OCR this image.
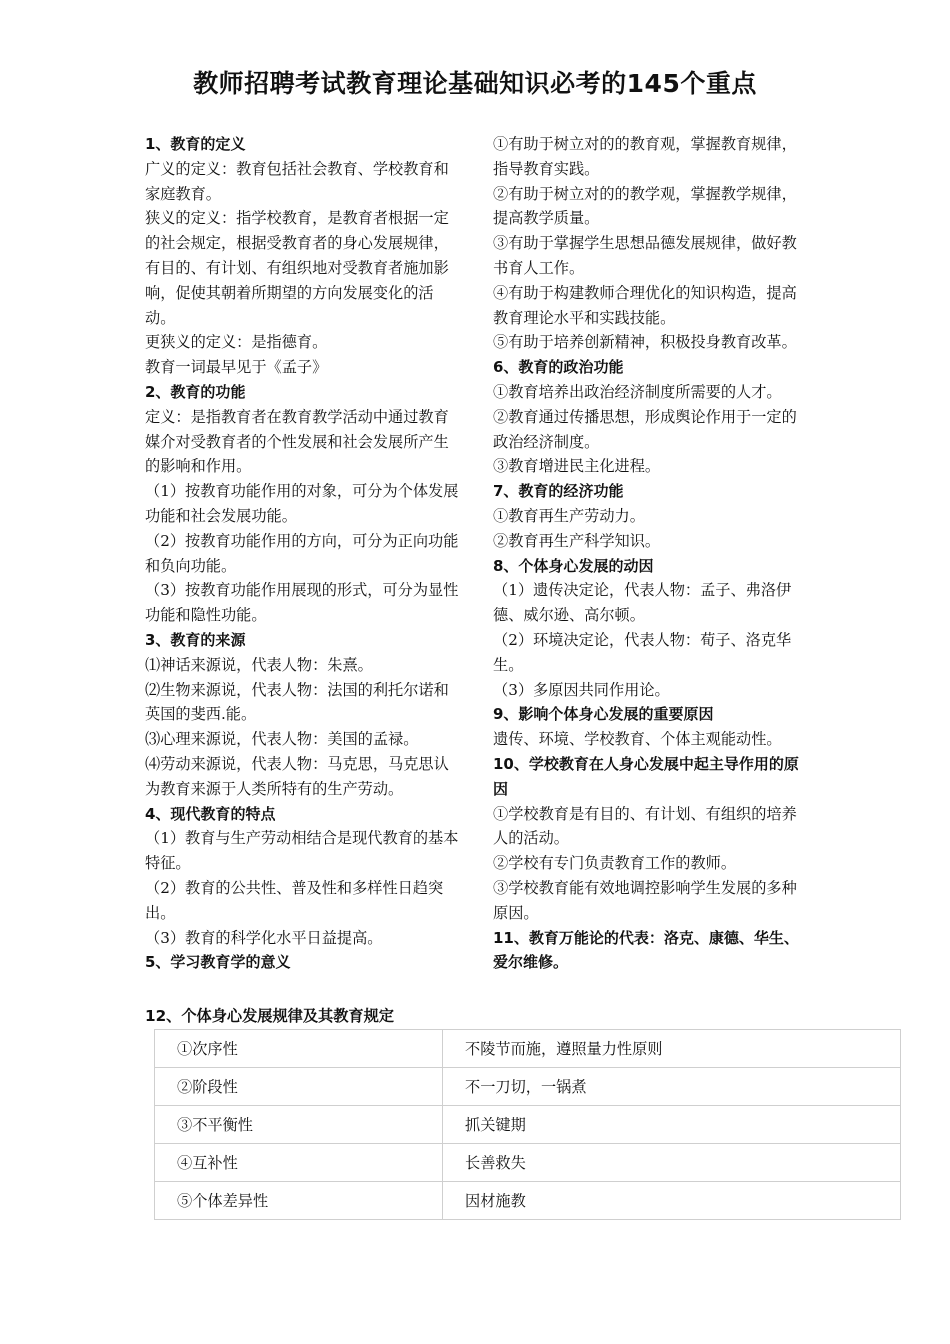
教师招聘考试教育理论基础知识必考的145个重点

1、教育的定义

广义的定义：教育包括社会教育、学校教育和家庭教育。

狭义的定义：指学校教育，是教育者根据一定的社会规定，根据受教育者的身心发展规律，有目的、有计划、有组织地对受教育者施加影响，促使其朝着所期望的方向发展变化的活动。

更狭义的定义：是指德育。

教育一词最早见于《孟子》

2、教育的功能

定义：是指教育者在教育教学活动中通过教育媒介对受教育者的个性发展和社会发展所产生的影响和作用。

（1）按教育功能作用的对象，可分为个体发展功能和社会发展功能。

（2）按教育功能作用的方向，可分为正向功能和负向功能。

（3）按教育功能作用展现的形式，可分为显性功能和隐性功能。

3、教育的来源

⑴神话来源说，代表人物：朱熹。

⑵生物来源说，代表人物：法国的利托尔诺和英国的斐西.能。

⑶心理来源说，代表人物：美国的孟禄。

⑷劳动来源说，代表人物：马克思，马克思认为教育来源于人类所特有的生产劳动。

4、现代教育的特点

（1）教育与生产劳动相结合是现代教育的基本特征。

（2）教育的公共性、普及性和多样性日趋突出。

（3）教育的科学化水平日益提高。

5、学习教育学的意义

①有助于树立对的的教育观，掌握教育规律，指导教育实践。

②有助于树立对的的教学观，掌握教学规律，提高教学质量。

③有助于掌握学生思想品德发展规律，做好教书育人工作。

④有助于构建教师合理优化的知识构造，提高教育理论水平和实践技能。

⑤有助于培养创新精神，积极投身教育改革。

6、教育的政治功能

①教育培养出政治经济制度所需要的人才。

②教育通过传播思想，形成舆论作用于一定的政治经济制度。

③教育增进民主化进程。

7、教育的经济功能

①教育再生产劳动力。

②教育再生产科学知识。

8、个体身心发展的动因

（1）遗传决定论，代表人物：孟子、弗洛伊德、威尔逊、高尔顿。

（2）环境决定论，代表人物：荀子、洛克华生。

（3）多原因共同作用论。

9、影响个体身心发展的重要原因

遗传、环境、学校教育、个体主观能动性。

10、学校教育在人身心发展中起主导作用的原因

①学校教育是有目的、有计划、有组织的培养人的活动。

②学校有专门负责教育工作的教师。

③学校教育能有效地调控影响学生发展的多种原因。

11、教育万能论的代表：洛克、康德、华生、爱尔维修。

12、个体身心发展规律及其教育规定
①次序性	不陵节而施，遵照量力性原则
②阶段性	不一刀切，一锅煮
③不平衡性	抓关键期
④互补性	长善救失
⑤个体差异性	因材施教
